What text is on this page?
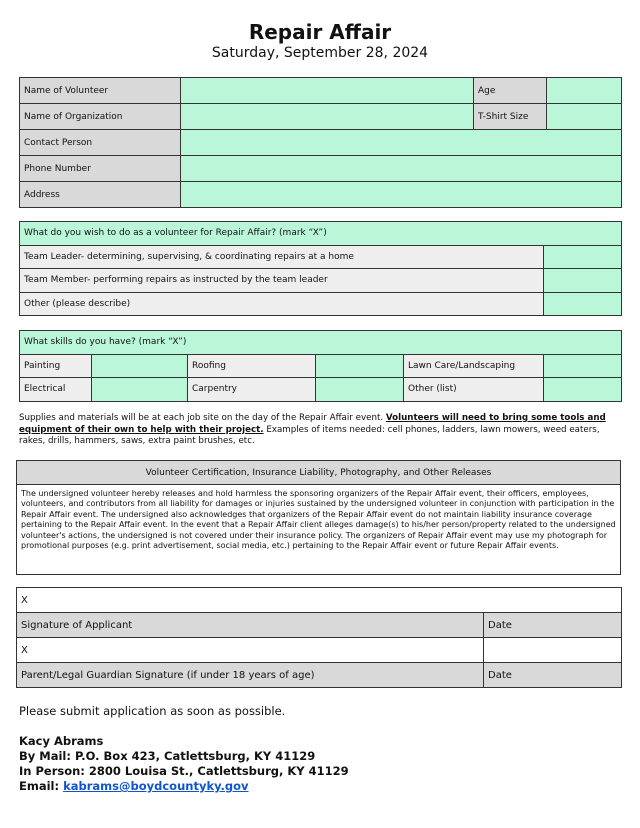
Repair Affair
Saturday, September 28, 2024
Name of Volunteer		Age	
Name of Organization		T-Shirt Size	
Contact Person			
Phone Number			
Address			
What do you wish to do as a volunteer for Repair Affair? (mark “X”)	
Team Leader- determining, supervising, & coordinating repairs at a home	
Team Member- performing repairs as instructed by the team leader	
Other (please describe)	
What skills do you have? (mark “X”)					
Painting		Roofing		Lawn Care/Landscaping	
Electrical		Carpentry		Other (list)	
Supplies and materials will be at each job site on the day of the Repair Affair event. Volunteers will need to bring some tools and equipment of their own to help with their project. Examples of items needed: cell phones, ladders, lawn mowers, weed eaters, rakes, drills, hammers, saws, extra paint brushes, etc.
Volunteer Certification, Insurance Liability, Photography, and Other Releases
The undersigned volunteer hereby releases and hold harmless the sponsoring organizers of the Repair Affair event, their officers, employees, volunteers, and contributors from all liability for damages or injuries sustained by the undersigned volunteer in conjunction with participation in the Repair Affair event. The undersigned also acknowledges that organizers of the Repair Affair event do not maintain liability insurance coverage pertaining to the Repair Affair event. In the event that a Repair Affair client alleges damage(s) to his/her person/property related to the undersigned volunteer's actions, the undersigned is not covered under their insurance policy. The organizers of Repair Affair event may use my photograph for promotional purposes (e.g. print advertisement, social media, etc.) pertaining to the Repair Affair event or future Repair Affair events.
X	
Signature of Applicant	Date
X	
Parent/Legal Guardian Signature (if under 18 years of age)	Date
Please submit application as soon as possible.
Kacy Abrams
By Mail: P.O. Box 423, Catlettsburg, KY 41129
In Person: 2800 Louisa St., Catlettsburg, KY 41129
Email: kabrams@boydcountyky.gov
